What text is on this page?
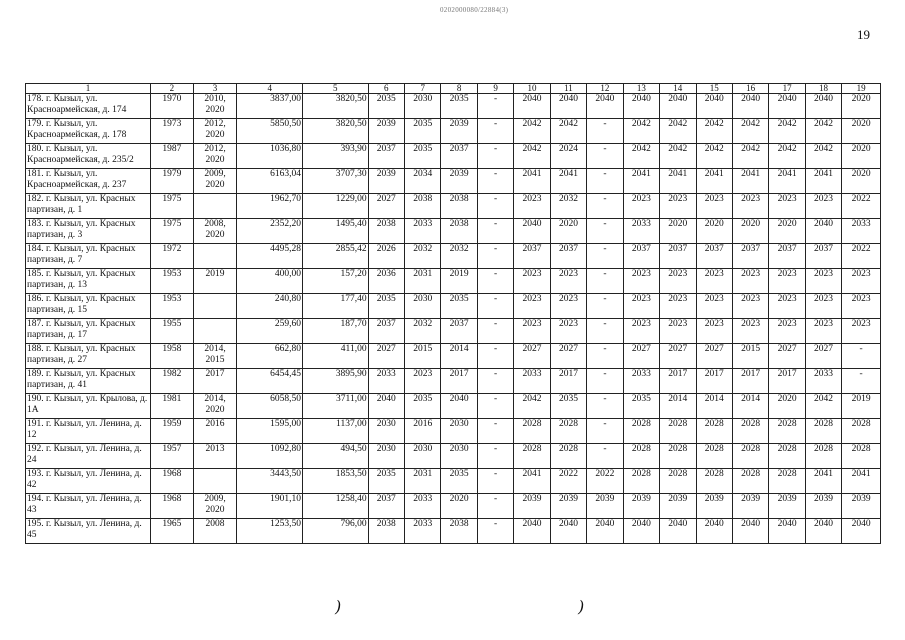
0202000080/22884(3)
19
1	2	3	4	5	6	7	8	9	10	11	12	13	14	15	16	17	18	19
178. г. Кызыл, ул. Красноармейская, д. 174	1970	2010, 2020	3837,00	3820,50	2035	2030	2035	-	2040	2040	2040	2040	2040	2040	2040	2040	2040	2020
179. г. Кызыл, ул. Красноармейская, д. 178	1973	2012, 2020	5850,50	3820,50	2039	2035	2039	-	2042	2042	-	2042	2042	2042	2042	2042	2042	2020
180. г. Кызыл, ул. Красноармейская, д. 235/2	1987	2012, 2020	1036,80	393,90	2037	2035	2037	-	2042	2024	-	2042	2042	2042	2042	2042	2042	2020
181. г. Кызыл, ул. Красноармейская, д. 237	1979	2009, 2020	6163,04	3707,30	2039	2034	2039	-	2041	2041	-	2041	2041	2041	2041	2041	2041	2020
182. г. Кызыл, ул. Красных партизан, д. 1	1975		1962,70	1229,00	2027	2038	2038	-	2023	2032	-	2023	2023	2023	2023	2023	2023	2022
183. г. Кызыл, ул. Красных партизан, д. 3	1975	2008, 2020	2352,20	1495,40	2038	2033	2038	-	2040	2020	-	2033	2020	2020	2020	2020	2040	2033
184. г. Кызыл, ул. Красных партизан, д. 7	1972		4495,28	2855,42	2026	2032	2032	-	2037	2037	-	2037	2037	2037	2037	2037	2037	2022
185. г. Кызыл, ул. Красных партизан, д. 13	1953	2019	400,00	157,20	2036	2031	2019	-	2023	2023	-	2023	2023	2023	2023	2023	2023	2023
186. г. Кызыл, ул. Красных партизан, д. 15	1953		240,80	177,40	2035	2030	2035	-	2023	2023	-	2023	2023	2023	2023	2023	2023	2023
187. г. Кызыл, ул. Красных партизан, д. 17	1955		259,60	187,70	2037	2032	2037	-	2023	2023	-	2023	2023	2023	2023	2023	2023	2023
188. г. Кызыл, ул. Красных партизан, д. 27	1958	2014, 2015	662,80	411,00	2027	2015	2014	-	2027	2027	-	2027	2027	2027	2015	2027	2027	-
189. г. Кызыл, ул. Красных партизан, д. 41	1982	2017	6454,45	3895,90	2033	2023	2017	-	2033	2017	-	2033	2017	2017	2017	2017	2033	-
190. г. Кызыл, ул. Крылова, д. 1А	1981	2014, 2020	6058,50	3711,00	2040	2035	2040	-	2042	2035	-	2035	2014	2014	2014	2020	2042	2019
191. г. Кызыл, ул. Ленина, д. 12	1959	2016	1595,00	1137,00	2030	2016	2030	-	2028	2028	-	2028	2028	2028	2028	2028	2028	2028
192. г. Кызыл, ул. Ленина, д. 24	1957	2013	1092,80	494,50	2030	2030	2030	-	2028	2028	-	2028	2028	2028	2028	2028	2028	2028
193. г. Кызыл, ул. Ленина, д. 42	1968		3443,50	1853,50	2035	2031	2035	-	2041	2022	2022	2028	2028	2028	2028	2028	2041	2041
194. г. Кызыл, ул. Ленина, д. 43	1968	2009, 2020	1901,10	1258,40	2037	2033	2020	-	2039	2039	2039	2039	2039	2039	2039	2039	2039	2039
195. г. Кызыл, ул. Ленина, д. 45	1965	2008	1253,50	796,00	2038	2033	2038	-	2040	2040	2040	2040	2040	2040	2040	2040	2040	2040
)	)
